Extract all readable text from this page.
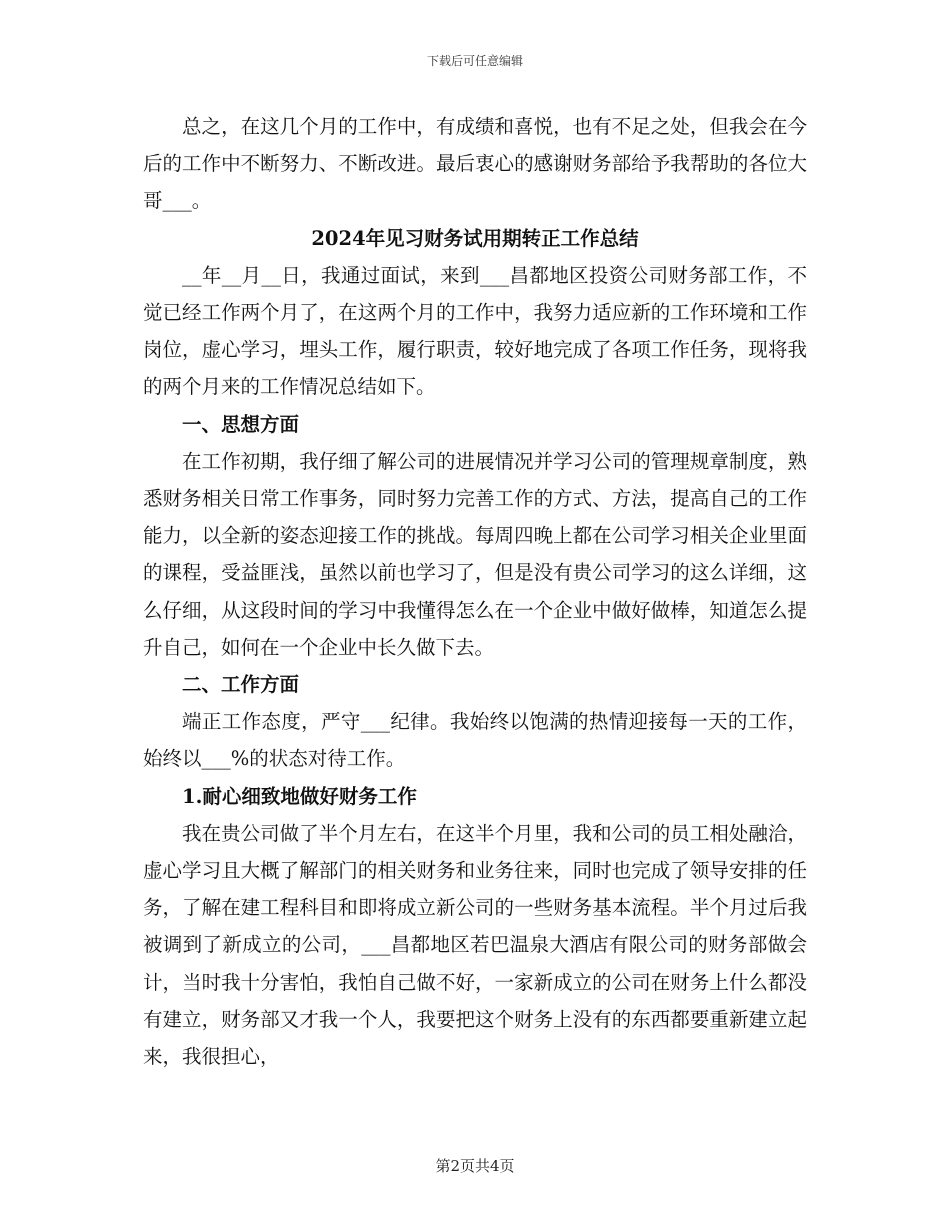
下载后可任意编辑

总之，在这几个月的工作中，有成绩和喜悦，也有不足之处，但我会在今后的工作中不断努力、不断改进。最后衷心的感谢财务部给予我帮助的各位大哥___。

2024年见习财务试用期转正工作总结

__年__月__日，我通过面试，来到___昌都地区投资公司财务部工作，不觉已经工作两个月了，在这两个月的工作中，我努力适应新的工作环境和工作岗位，虚心学习，埋头工作，履行职责，较好地完成了各项工作任务，现将我的两个月来的工作情况总结如下。

一、思想方面

在工作初期，我仔细了解公司的进展情况并学习公司的管理规章制度，熟悉财务相关日常工作事务，同时努力完善工作的方式、方法，提高自己的工作能力，以全新的姿态迎接工作的挑战。每周四晚上都在公司学习相关企业里面的课程，受益匪浅，虽然以前也学习了，但是没有贵公司学习的这么详细，这么仔细，从这段时间的学习中我懂得怎么在一个企业中做好做棒，知道怎么提升自己，如何在一个企业中长久做下去。

二、工作方面

端正工作态度，严守___纪律。我始终以饱满的热情迎接每一天的工作，始终以___%的状态对待工作。

1.耐心细致地做好财务工作

我在贵公司做了半个月左右，在这半个月里，我和公司的员工相处融洽，虚心学习且大概了解部门的相关财务和业务往来，同时也完成了领导安排的任务，了解在建工程科目和即将成立新公司的一些财务基本流程。半个月过后我被调到了新成立的公司，___昌都地区若巴温泉大酒店有限公司的财务部做会计，当时我十分害怕，我怕自己做不好，一家新成立的公司在财务上什么都没有建立，财务部又才我一个人，我要把这个财务上没有的东西都要重新建立起来，我很担心，

第2页共4页
